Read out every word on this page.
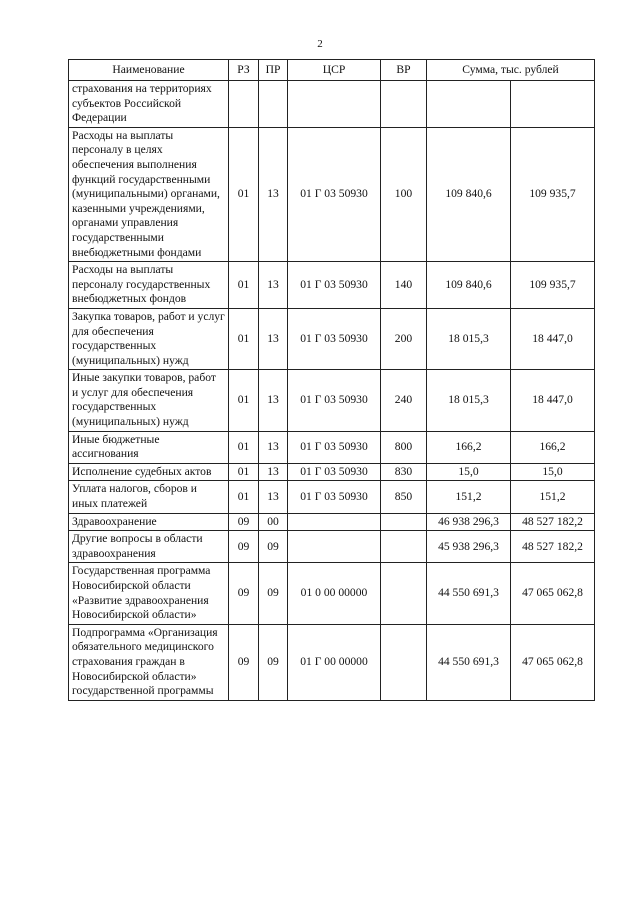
2
Наименование	РЗ	ПР	ЦСР	ВР	Сумма, тыс. рублей	
страхования на территориях субъектов Российской Федерации						
Расходы на выплаты персоналу в целях обеспечения выполнения функций государственными (муниципальными) органами, казенными учреждениями, органами управления государственными внебюджетными фондами	01	13	01 Г 03 50930	100	109 840,6	109 935,7
Расходы на выплаты персоналу государственных внебюджетных фондов	01	13	01 Г 03 50930	140	109 840,6	109 935,7
Закупка товаров, работ и услуг для обеспечения государственных (муниципальных) нужд	01	13	01 Г 03 50930	200	18 015,3	18 447,0
Иные закупки товаров, работ и услуг для обеспечения государственных (муниципальных) нужд	01	13	01 Г 03 50930	240	18 015,3	18 447,0
Иные бюджетные ассигнования	01	13	01 Г 03 50930	800	166,2	166,2
Исполнение судебных актов	01	13	01 Г 03 50930	830	15,0	15,0
Уплата налогов, сборов и иных платежей	01	13	01 Г 03 50930	850	151,2	151,2
Здравоохранение	09	00			46 938 296,3	48 527 182,2
Другие вопросы в области здравоохранения	09	09			45 938 296,3	48 527 182,2
Государственная программа Новосибирской области «Развитие здравоохранения Новосибирской области»	09	09	01 0 00 00000		44 550 691,3	47 065 062,8
Подпрограмма «Организация обязательного медицинского страхования граждан в Новосибирской области» государственной программы	09	09	01 Г 00 00000		44 550 691,3	47 065 062,8
